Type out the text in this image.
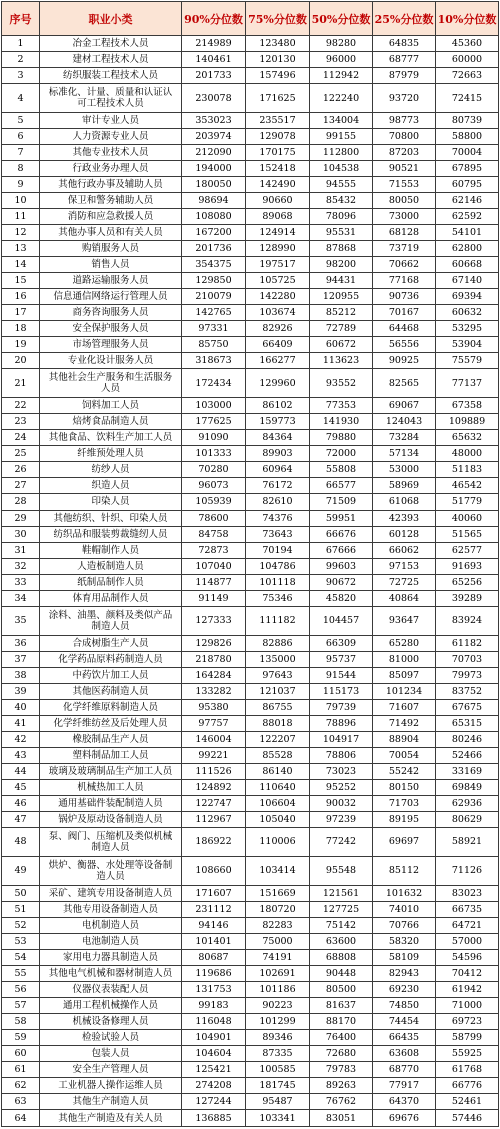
序号	职业小类	90%分位数	75%分位数	50%分位数	25%分位数	10%分位数
1	冶金工程技术人员	214989	123480	98280	64835	45360
2	建材工程技术人员	140461	120130	96000	68777	60000
3	纺织服装工程技术人员	201733	157496	112942	87979	72663
4	标准化、计量、质量和认证认可工程技术人员	230078	171625	122240	93720	72415
5	审计专业人员	353023	235517	134004	98773	80739
6	人力资源专业人员	203974	129078	99155	70800	58800
7	其他专业技术人员	212090	170175	112800	87203	70004
8	行政业务办理人员	194000	152418	104538	90521	67895
9	其他行政办事及辅助人员	180050	142490	94555	71553	60795
10	保卫和警务辅助人员	98694	90660	85432	80050	62146
11	消防和应急救援人员	108080	89068	78096	73000	62592
12	其他办事人员和有关人员	167200	124914	95531	68128	54101
13	购销服务人员	201736	128990	87868	73719	62800
14	销售人员	354375	197517	98200	70662	60668
15	道路运输服务人员	129850	105725	94431	77168	67140
16	信息通信网络运行管理人员	210079	142280	120955	90736	69394
17	商务咨询服务人员	142765	103674	85212	70167	60632
18	安全保护服务人员	97331	82926	72789	64468	53295
19	市场管理服务人员	85750	66409	60672	56556	53904
20	专业化设计服务人员	318673	166277	113623	90925	75579
21	其他社会生产服务和生活服务人员	172434	129960	93552	82565	77137
22	饲料加工人员	103000	86102	77353	69067	67358
23	焙烤食品制造人员	177625	159773	141930	124043	109889
24	其他食品、饮料生产加工人员	91090	84364	79880	73284	65632
25	纤维预处理人员	101333	89903	72000	57134	48000
26	纺纱人员	70280	60964	55808	53000	51183
27	织造人员	96073	76172	66577	58969	46542
28	印染人员	105939	82610	71509	61068	51779
29	其他纺织、针织、印染人员	78600	74376	59951	42393	40060
30	纺织品和服装剪裁缝纫人员	84758	73643	66676	60128	51565
31	鞋帽制作人员	72873	70194	67666	66062	62577
32	人造板制造人员	107040	104786	99603	97153	91693
33	纸制品制作人员	114877	101118	90672	72725	65256
34	体育用品制作人员	91149	75346	45820	40864	39289
35	涂料、油墨、颜料及类似产品制造人员	127333	111182	104457	93647	83924
36	合成树脂生产人员	129826	82886	66309	65280	61182
37	化学药品原料药制造人员	218780	135000	95737	81000	70703
38	中药饮片加工人员	164284	97643	91544	85097	79973
39	其他医药制造人员	133282	121037	115173	101234	83752
40	化学纤维原料制造人员	95380	86755	79739	71607	67675
41	化学纤维纺丝及后处理人员	97757	88018	78896	71492	65315
42	橡胶制品生产人员	146004	122207	104917	88904	80246
43	塑料制品加工人员	99221	85528	78806	70054	52466
44	玻璃及玻璃制品生产加工人员	111526	86140	73023	55242	33169
45	机械热加工人员	124892	110640	95252	80150	69849
46	通用基础件装配制造人员	122747	106604	90032	71703	62936
47	锅炉及原动设备制造人员	112967	105040	97239	89195	80629
48	泵、阀门、压缩机及类似机械制造人员	186922	110006	77242	69697	58921
49	烘炉、衡器、水处理等设备制造人员	108660	103414	95548	85112	71126
50	采矿、建筑专用设备制造人员	171607	151669	121561	101632	83023
51	其他专用设备制造人员	231112	180720	127725	74010	66735
52	电机制造人员	94146	82283	75142	70766	64721
53	电池制造人员	101401	75000	63600	58320	57000
54	家用电力器具制造人员	80687	74191	68808	58109	54596
55	其他电气机械和器材制造人员	119686	102691	90448	82943	70412
56	仪器仪表装配人员	131753	101186	80500	69230	61942
57	通用工程机械操作人员	99183	90223	81637	74850	71000
58	机械设备修理人员	116048	101299	88170	74454	69723
59	检验试验人员	104901	89346	76400	66435	58799
60	包装人员	104604	87335	72680	63608	55925
61	安全生产管理人员	125421	100585	79783	68770	61768
62	工业机器人操作运维人员	274208	181745	89263	77917	66776
63	其他生产制造人员	127244	95487	76762	64370	52461
64	其他生产制造及有关人员	136885	103341	83051	69676	57446
